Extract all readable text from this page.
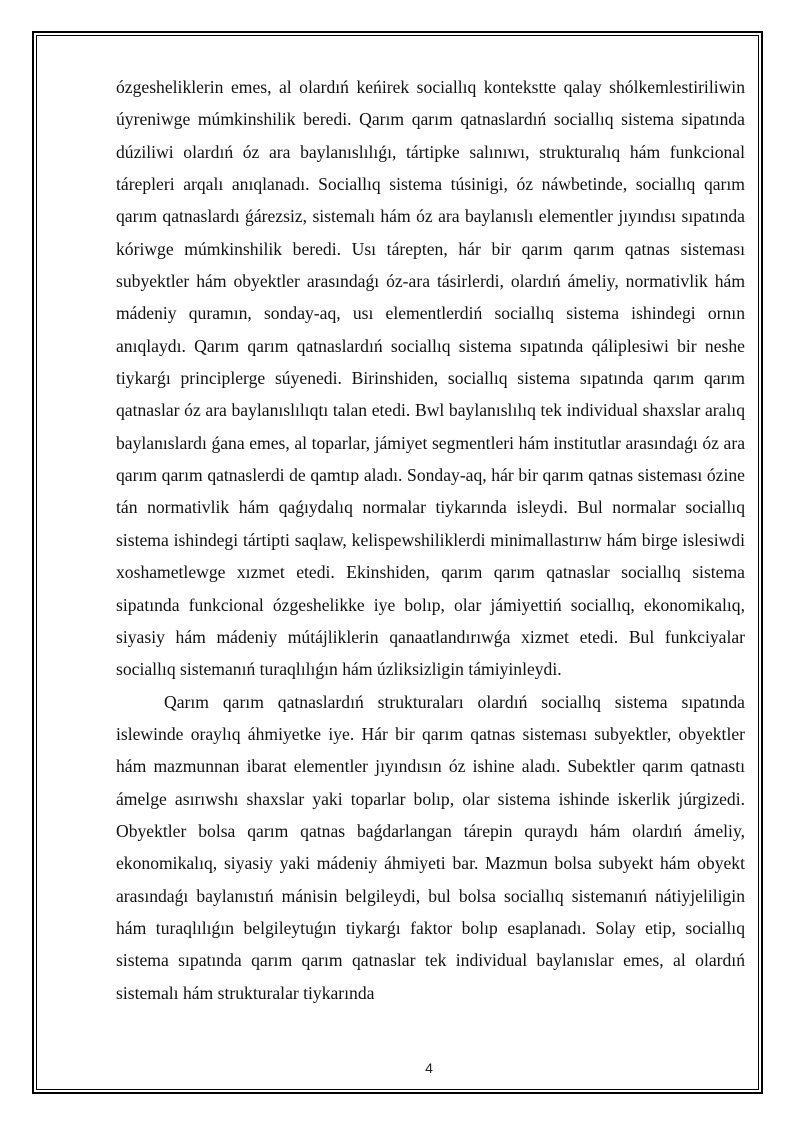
ózgesheliklerin emes, al olardıń keńirek sociallıq kontekstte qalay shólkemlestiriliwin úyreniwge múmkinshilik beredi. Qarım qarım qatnaslardıń sociallıq sistema sipatında dúziliwi olardıń óz ara baylanıslılıǵı, tártipke salınıwı, strukturalıq hám funkcional tárepleri arqalı anıqlanadı. Sociallıq sistema túsinigi, óz náwbetinde, sociallıq qarım qarım qatnaslardı ǵárezsiz, sistemalı hám óz ara baylanıslı elementler jıyındısı sıpatında kóriwge múmkinshilik beredi. Usı tárepten, hár bir qarım qarım qatnas sisteması subyektler hám obyektler arasındaǵı óz-ara tásirlerdi, olardıń ámeliy, normativlik hám mádeniy quramın, sonday-aq, usı elementlerdiń sociallıq sistema ishindegi ornın anıqlaydı. Qarım qarım qatnaslardıń sociallıq sistema sıpatında qáliplesiwi bir neshe tiykarǵı principlerge súyenedi. Birinshiden, sociallıq sistema sıpatında qarım qarım qatnaslar óz ara baylanıslılıqtı talan etedi. Bwl baylanıslılıq tek individual shaxslar aralıq baylanıslardı ǵana emes, al toparlar, jámiyet segmentleri hám institutlar arasındaǵı óz ara qarım qarım qatnaslerdi de qamtıp aladı. Sonday-aq, hár bir qarım qatnas sisteması ózine tán normativlik hám qaǵıydalıq normalar tiykarında isleydi. Bul normalar sociallıq sistema ishindegi tártipti saqlaw, kelispewshiliklerdi minimallastırıw hám birge islesiwdi xoshametlewge xızmet etedi. Ekinshiden, qarım qarım qatnaslar sociallıq sistema sipatında funkcional ózgeshelikke iye bolıp, olar jámiyettiń sociallıq, ekonomikalıq, siyasiy hám mádeniy mútájliklerin qanaatlandırıwǵa xizmet etedi. Bul funkciyalar sociallıq sistemanıń turaqlılıǵın hám úzliksizligin támiyinleydi.

Qarım qarım qatnaslardıń strukturaları olardıń sociallıq sistema sıpatında islewinde oraylıq áhmiyetke iye. Hár bir qarım qatnas sisteması subyektler, obyektler hám mazmunnan ibarat elementler jıyındısın óz ishine aladı. Subektler qarım qatnastı ámelge asırıwshı shaxslar yaki toparlar bolıp, olar sistema ishinde iskerlik júrgizedi. Obyektler bolsa qarım qatnas baǵdarlangan tárepin quraydı hám olardıń ámeliy, ekonomikalıq, siyasiy yaki mádeniy áhmiyeti bar. Mazmun bolsa subyekt hám obyekt arasındaǵı baylanıstıń mánisin belgileydi, bul bolsa sociallıq sistemanıń nátiyjeliligin hám turaqlılıǵın belgileytuǵın tiykarǵı faktor bolıp esaplanadı. Solay etip, sociallıq sistema sıpatında qarım qarım qatnaslar tek individual baylanıslar emes, al olardıń sistemalı hám strukturalar tiykarında

4
